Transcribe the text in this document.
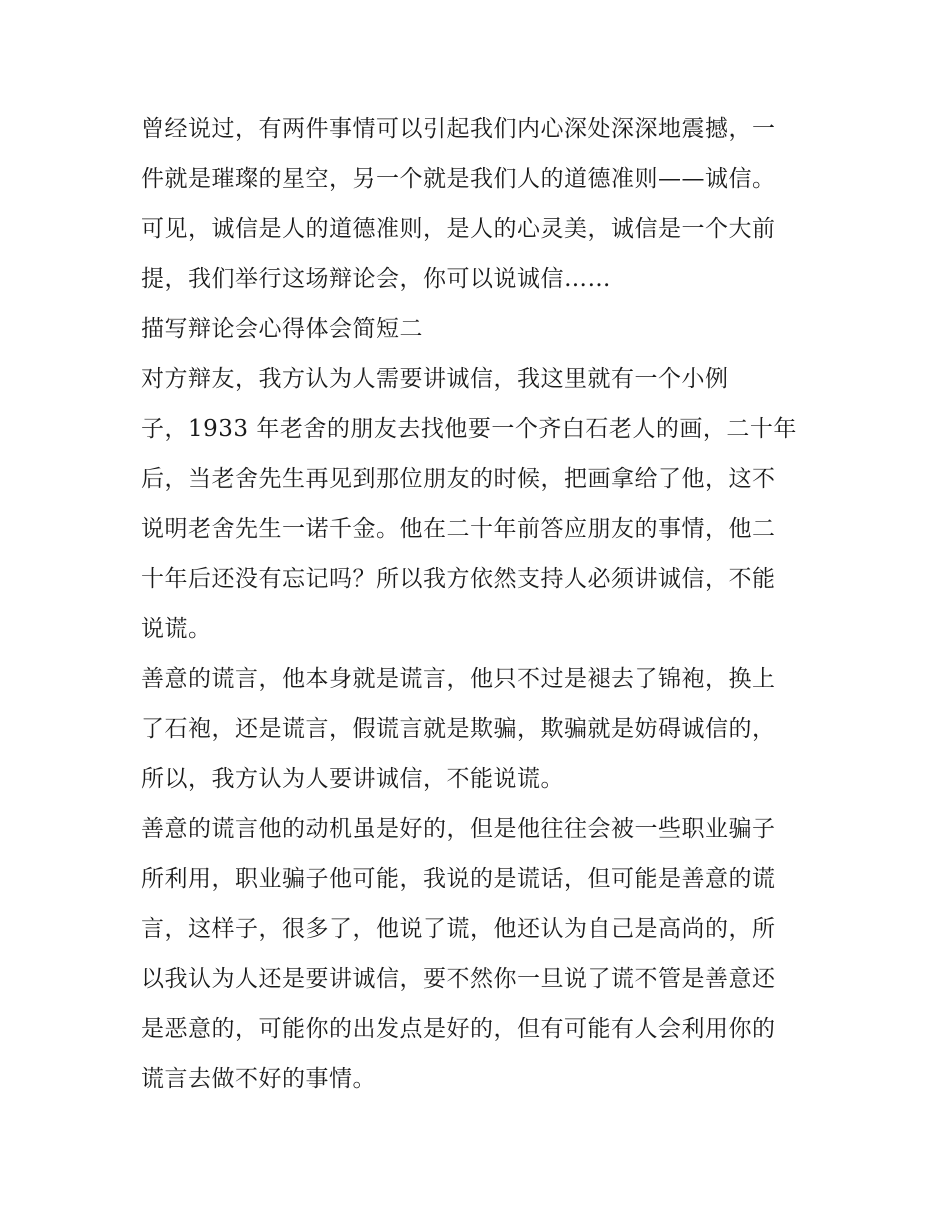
曾经说过，有两件事情可以引起我们内心深处深深地震撼，一
件就是璀璨的星空，另一个就是我们人的道德准则——诚信。
可见，诚信是人的道德准则，是人的心灵美，诚信是一个大前
提，我们举行这场辩论会，你可以说诚信……
描写辩论会心得体会简短二
对方辩友，我方认为人需要讲诚信，我这里就有一个小例
子，1933 年老舍的朋友去找他要一个齐白石老人的画，二十年
后，当老舍先生再见到那位朋友的时候，把画拿给了他，这不
说明老舍先生一诺千金。他在二十年前答应朋友的事情，他二
十年后还没有忘记吗？所以我方依然支持人必须讲诚信，不能
说谎。
善意的谎言，他本身就是谎言，他只不过是褪去了锦袍，换上
了石袍，还是谎言，假谎言就是欺骗，欺骗就是妨碍诚信的，
所以，我方认为人要讲诚信，不能说谎。
善意的谎言他的动机虽是好的，但是他往往会被一些职业骗子
所利用，职业骗子他可能，我说的是谎话，但可能是善意的谎
言，这样子，很多了，他说了谎，他还认为自己是高尚的，所
以我认为人还是要讲诚信，要不然你一旦说了谎不管是善意还
是恶意的，可能你的出发点是好的，但有可能有人会利用你的
谎言去做不好的事情。
